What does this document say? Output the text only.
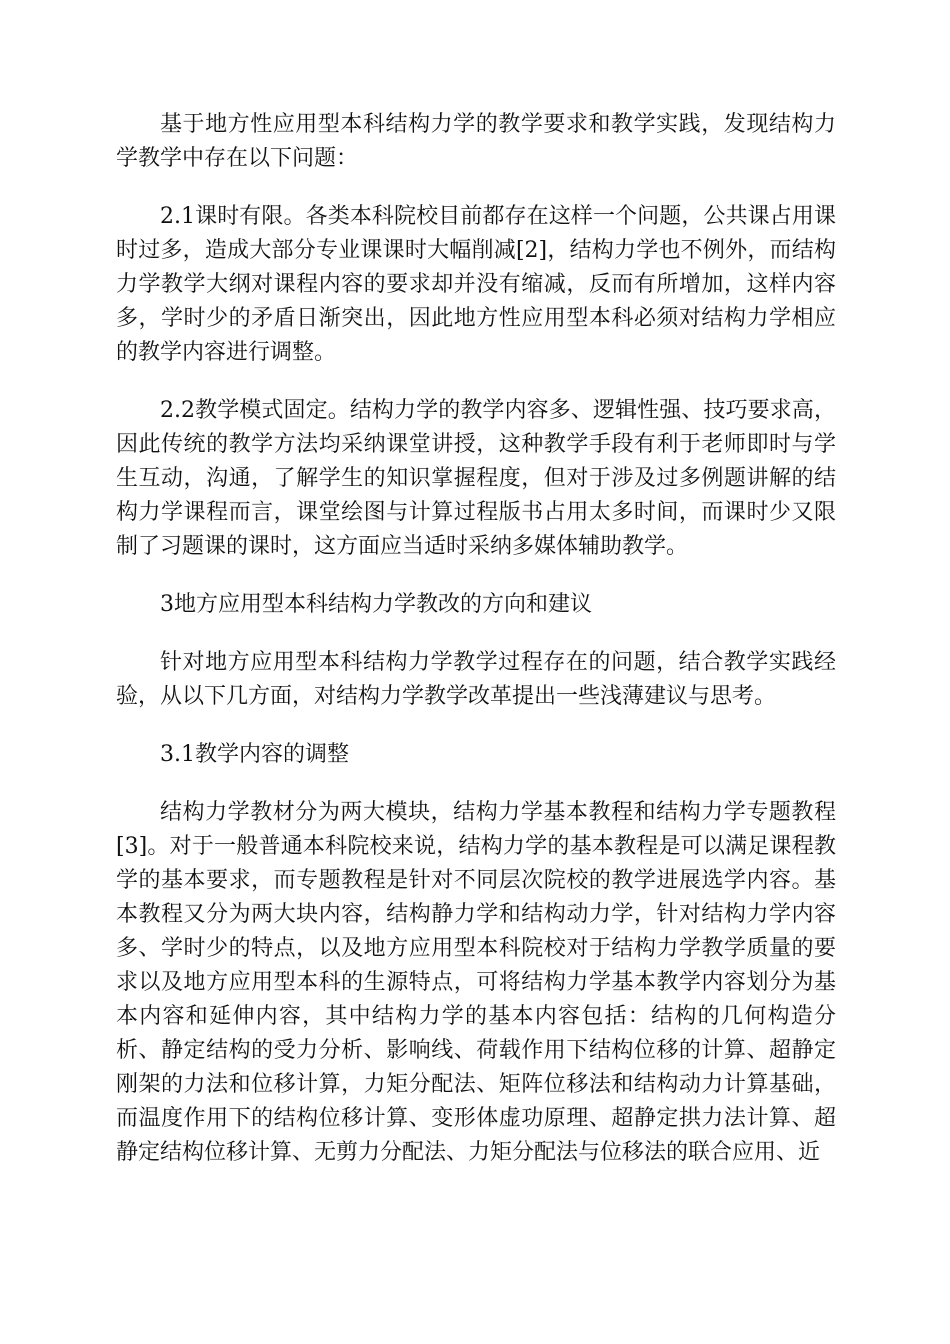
基于地方性应用型本科结构力学的教学要求和教学实践，发现结构力学教学中存在以下问题：

2.1课时有限。各类本科院校目前都存在这样一个问题，公共课占用课时过多，造成大部分专业课课时大幅削减[2]，结构力学也不例外，而结构力学教学大纲对课程内容的要求却并没有缩减，反而有所增加，这样内容多，学时少的矛盾日渐突出，因此地方性应用型本科必须对结构力学相应的教学内容进行调整。

2.2教学模式固定。结构力学的教学内容多、逻辑性强、技巧要求高，因此传统的教学方法均采纳课堂讲授，这种教学手段有利于老师即时与学生互动，沟通，了解学生的知识掌握程度，但对于涉及过多例题讲解的结构力学课程而言，课堂绘图与计算过程版书占用太多时间，而课时少又限制了习题课的课时，这方面应当适时采纳多媒体辅助教学。

3地方应用型本科结构力学教改的方向和建议

针对地方应用型本科结构力学教学过程存在的问题，结合教学实践经验，从以下几方面，对结构力学教学改革提出一些浅薄建议与思考。

3.1教学内容的调整

结构力学教材分为两大模块，结构力学基本教程和结构力学专题教程[3]。对于一般普通本科院校来说，结构力学的基本教程是可以满足课程教学的基本要求，而专题教程是针对不同层次院校的教学进展选学内容。基本教程又分为两大块内容，结构静力学和结构动力学，针对结构力学内容多、学时少的特点，以及地方应用型本科院校对于结构力学教学质量的要求以及地方应用型本科的生源特点，可将结构力学基本教学内容划分为基本内容和延伸内容，其中结构力学的基本内容包括：结构的几何构造分析、静定结构的受力分析、影响线、荷载作用下结构位移的计算、超静定刚架的力法和位移计算，力矩分配法、矩阵位移法和结构动力计算基础，而温度作用下的结构位移计算、变形体虚功原理、超静定拱力法计算、超静定结构位移计算、无剪力分配法、力矩分配法与位移法的联合应用、近
